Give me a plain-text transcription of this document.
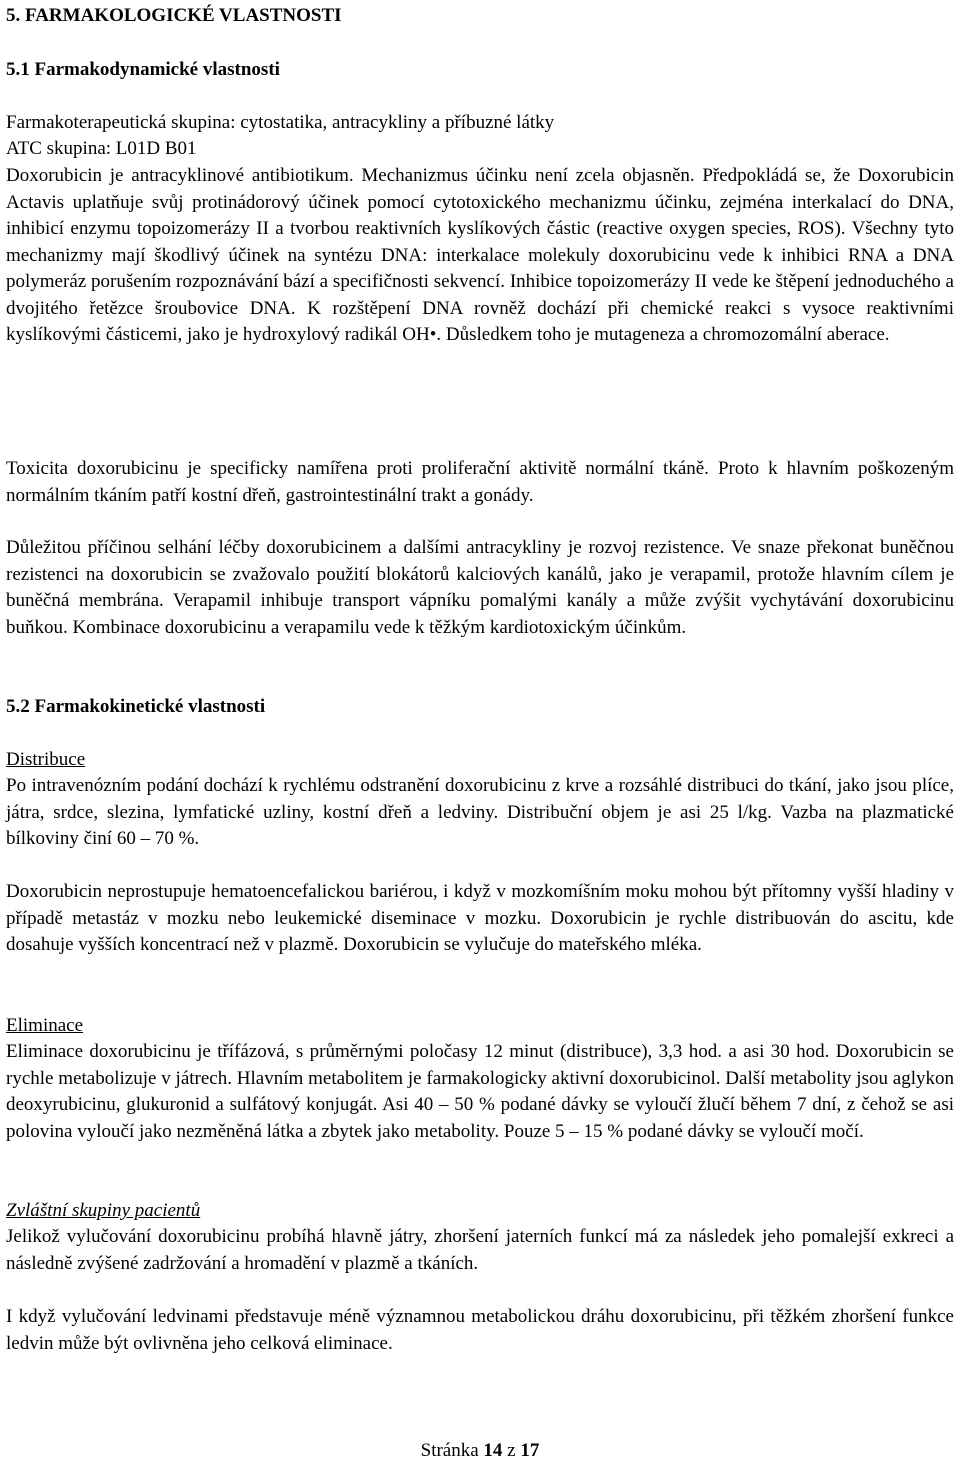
5. FARMAKOLOGICKÉ VLASTNOSTI
5.1 Farmakodynamické vlastnosti
Farmakoterapeutická skupina: cytostatika, antracykliny a příbuzné látky
ATC skupina: L01D B01
Doxorubicin je antracyklinové antibiotikum. Mechanizmus účinku není zcela objasněn. Předpokládá se, že Doxorubicin Actavis uplatňuje svůj protinádorový účinek pomocí cytotoxického mechanizmu účinku, zejména interkalací do DNA, inhibicí enzymu topoizomerázy II a tvorbou reaktivních kyslíkových částic (reactive oxygen species, ROS). Všechny tyto mechanizmy mají škodlivý účinek na syntézu DNA: interkalace molekuly doxorubicinu vede k inhibici RNA a DNA polymeráz porušením rozpoznávání bází a specifičnosti sekvencí. Inhibice topoizomerázy II vede ke štěpení jednoduchého a dvojitého řetězce šroubovice DNA. K rozštěpení DNA rovněž dochází při chemické reakci s vysoce reaktivními kyslíkovými částicemi, jako je hydroxylový radikál OH•. Důsledkem toho je mutageneza a chromozomální aberace.
Toxicita doxorubicinu je specificky namířena proti proliferační aktivitě normální tkáně. Proto k hlavním poškozeným normálním tkáním patří kostní dřeň, gastrointestinální trakt a gonády.
Důležitou příčinou selhání léčby doxorubicinem a dalšími antracykliny je rozvoj rezistence. Ve snaze překonat buněčnou rezistenci na doxorubicin se zvažovalo použití blokátorů kalciových kanálů, jako je verapamil, protože hlavním cílem je buněčná membrána. Verapamil inhibuje transport vápníku pomalými kanály a může zvýšit vychytávání doxorubicinu buňkou. Kombinace doxorubicinu a verapamilu vede k těžkým kardiotoxickým účinkům.
5.2 Farmakokinetické vlastnosti
Distribuce
Po intravenózním podání dochází k rychlému odstranění doxorubicinu z krve a rozsáhlé distribuci do tkání, jako jsou plíce, játra, srdce, slezina, lymfatické uzliny, kostní dřeň a ledviny. Distribuční objem je asi 25 l/kg. Vazba na plazmatické bílkoviny činí 60 – 70 %.
Doxorubicin neprostupuje hematoencefalickou bariérou, i když v mozkomíšním moku mohou být přítomny vyšší hladiny v případě metastáz v mozku nebo leukemické diseminace v mozku. Doxorubicin je rychle distribuován do ascitu, kde dosahuje vyšších koncentrací než v plazmě. Doxorubicin se vylučuje do mateřského mléka.
Eliminace
Eliminace doxorubicinu je třífázová, s průměrnými poločasy 12 minut (distribuce), 3,3 hod. a asi 30 hod. Doxorubicin se rychle metabolizuje v játrech. Hlavním metabolitem je farmakologicky aktivní doxorubicinol. Další metabolity jsou aglykon deoxyrubicinu, glukuronid a sulfátový konjugát. Asi 40 – 50 % podané dávky se vyloučí žlučí během 7 dní, z čehož se asi polovina vyloučí jako nezměněná látka a zbytek jako metabolity. Pouze 5 – 15 % podané dávky se vyloučí močí.
Zvláštní skupiny pacientů
Jelikož vylučování doxorubicinu probíhá hlavně játry, zhoršení jaterních funkcí má za následek jeho pomalejší exkreci a následně zvýšené zadržování a hromadění v plazmě a tkáních.
I když vylučování ledvinami představuje méně významnou metabolickou dráhu doxorubicinu, při těžkém zhoršení funkce ledvin může být ovlivněna jeho celková eliminace.
Stránka 14 z 17
